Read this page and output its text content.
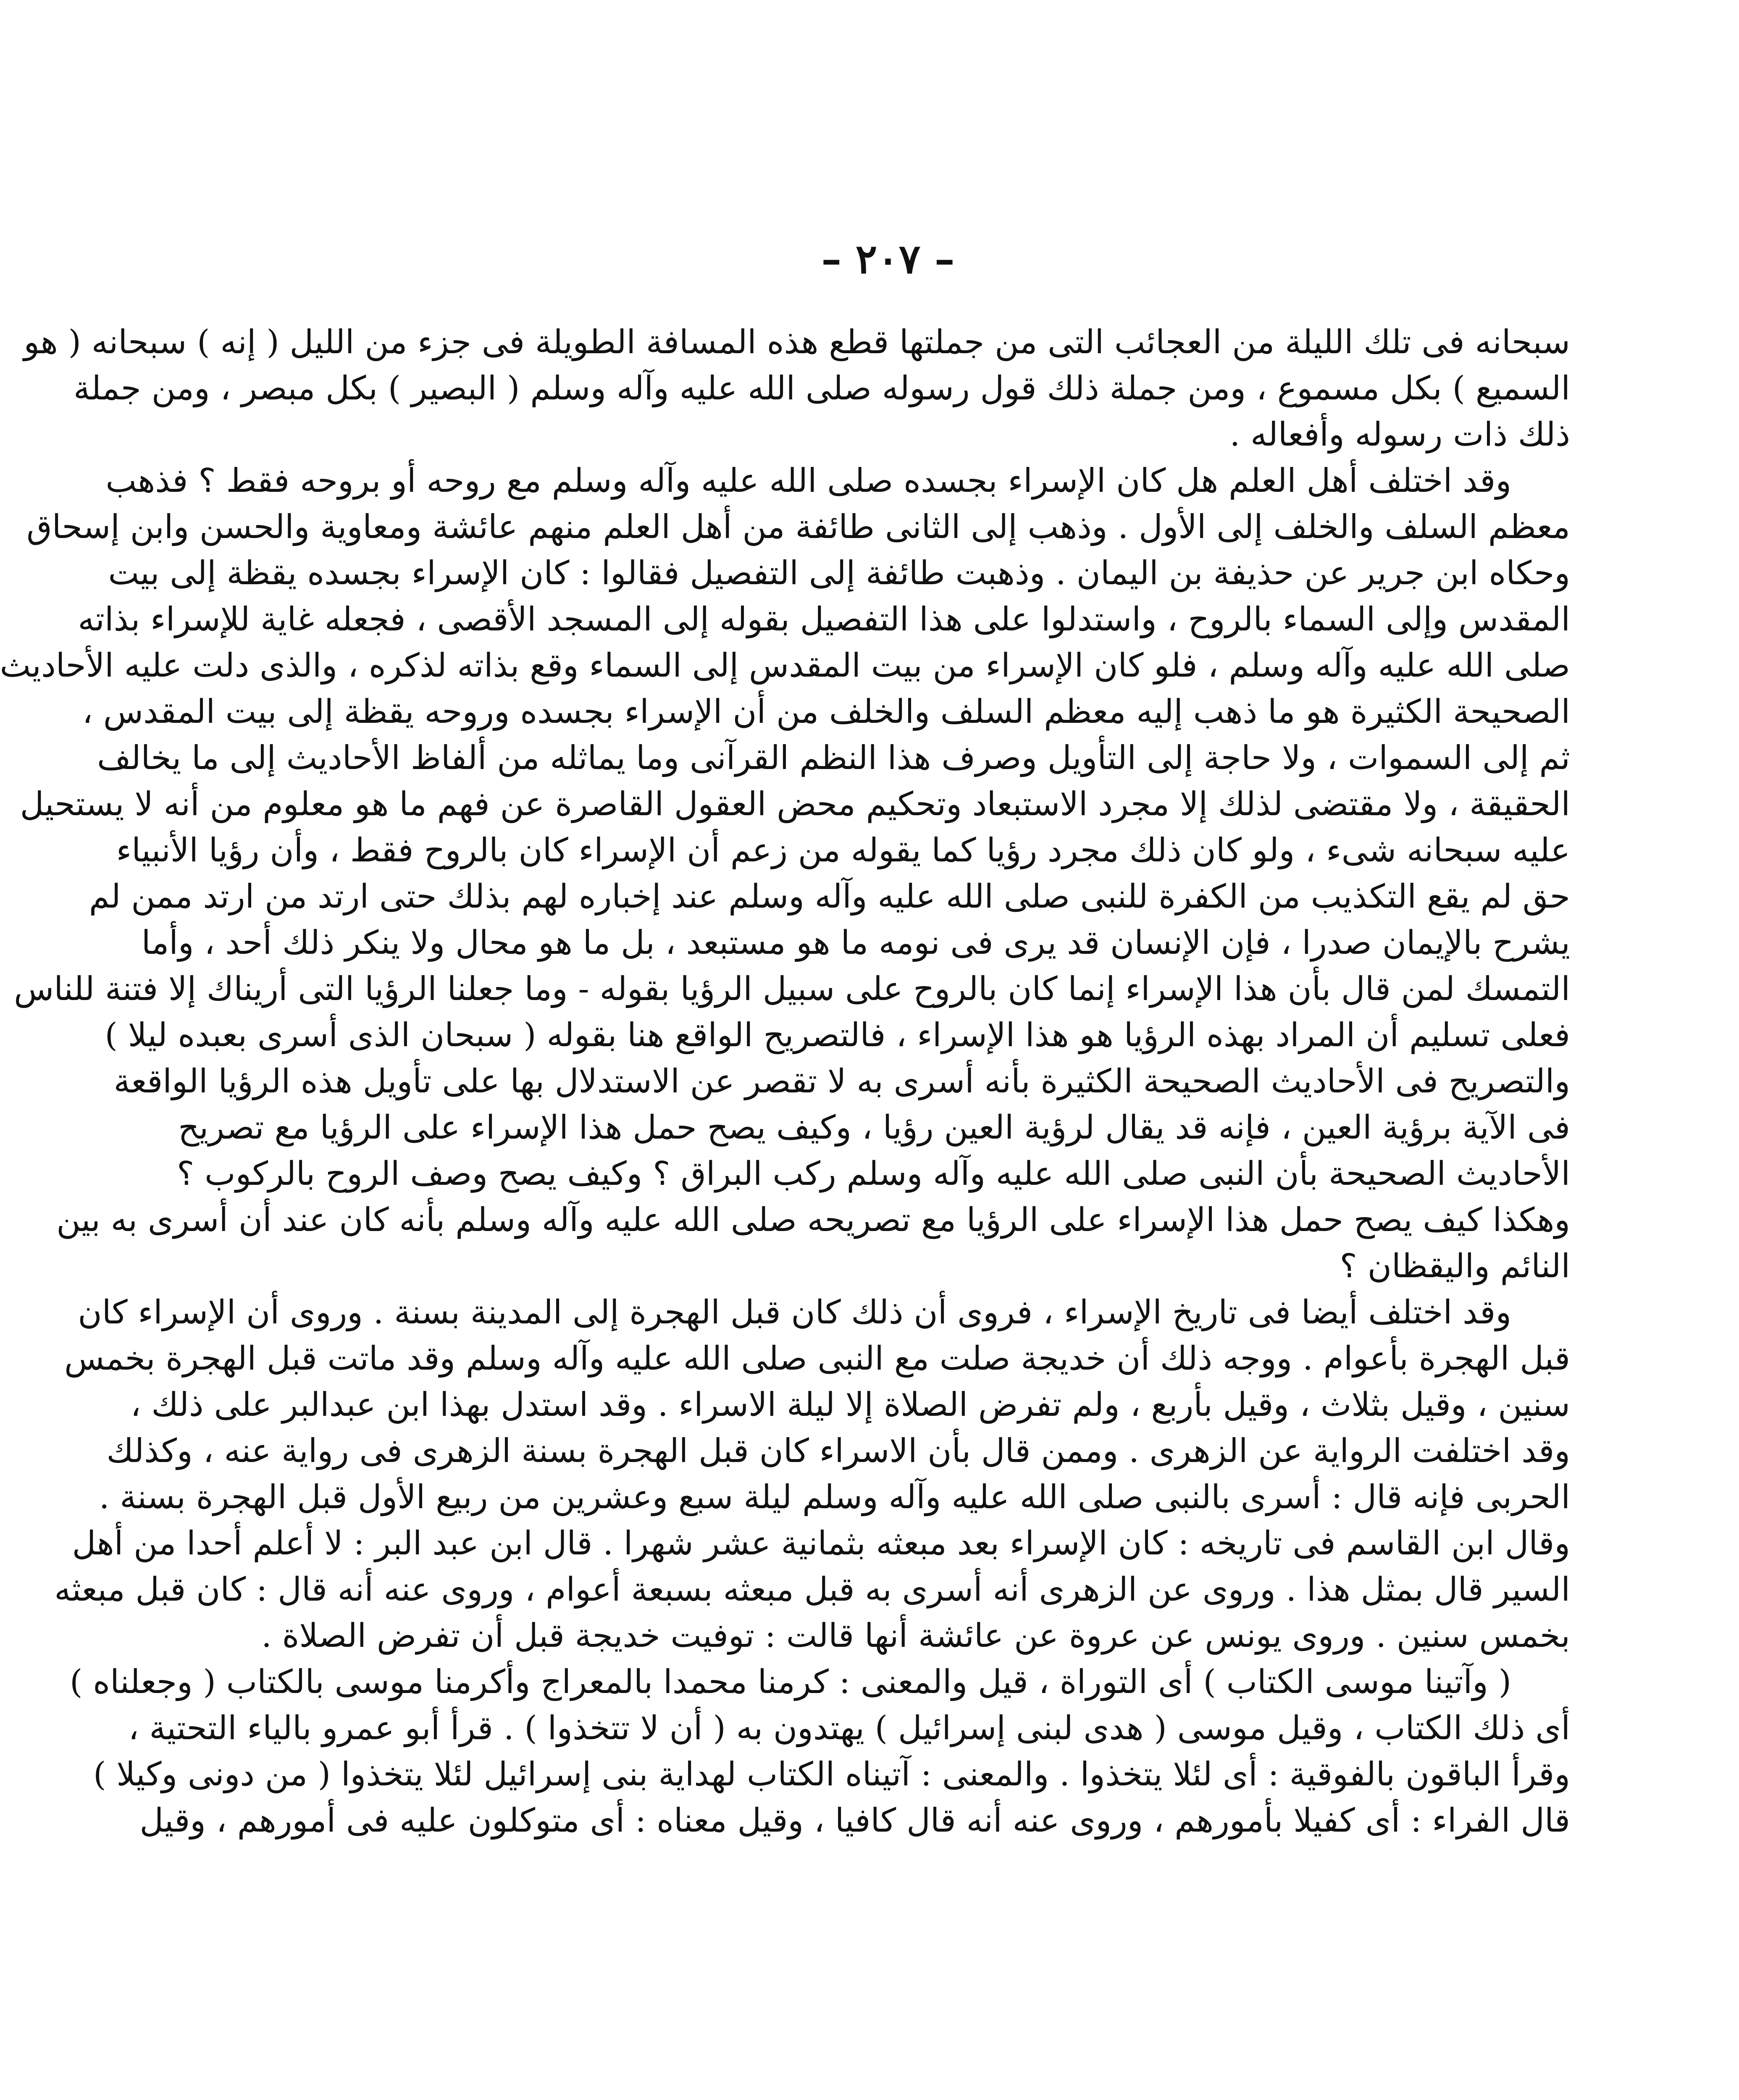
– ٢٠٧ –
سبحانه فى تلك الليلة من العجائب التى من جملتها قطع هذه المسافة الطويلة فى جزء من الليل ( إنه ) سبحانه ( هو
السميع ) بكل مسموع ، ومن جملة ذلك قول رسوله صلى الله عليه وآله وسلم ( البصير ) بكل مبصر ، ومن جملة
ذلك ذات رسوله وأفعاله .
وقد اختلف أهل العلم هل كان الإسراء بجسده صلى الله عليه وآله وسلم مع روحه أو بروحه فقط ؟ فذهب
معظم السلف والخلف إلى الأول . وذهب إلى الثانى طائفة من أهل العلم منهم عائشة ومعاوية والحسن وابن إسحاق
وحكاه ابن جرير عن حذيفة بن اليمان . وذهبت طائفة إلى التفصيل فقالوا : كان الإسراء بجسده يقظة إلى بيت
المقدس وإلى السماء بالروح ، واستدلوا على هذا التفصيل بقوله إلى المسجد الأقصى ، فجعله غاية للإسراء بذاته
صلى الله عليه وآله وسلم ، فلو كان الإسراء من بيت المقدس إلى السماء وقع بذاته لذكره ، والذى دلت عليه الأحاديث
الصحيحة الكثيرة هو ما ذهب إليه معظم السلف والخلف من أن الإسراء بجسده وروحه يقظة إلى بيت المقدس ،
ثم إلى السموات ، ولا حاجة إلى التأويل وصرف هذا النظم القرآنى وما يماثله من ألفاظ الأحاديث إلى ما يخالف
الحقيقة ، ولا مقتضى لذلك إلا مجرد الاستبعاد وتحكيم محض العقول القاصرة عن فهم ما هو معلوم من أنه لا يستحيل
عليه سبحانه شىء ، ولو كان ذلك مجرد رؤيا كما يقوله من زعم أن الإسراء كان بالروح فقط ، وأن رؤيا الأنبياء
حق لم يقع التكذيب من الكفرة للنبى صلى الله عليه وآله وسلم عند إخباره لهم بذلك حتى ارتد من ارتد ممن لم
يشرح بالإيمان صدرا ، فإن الإنسان قد يرى فى نومه ما هو مستبعد ، بل ما هو محال ولا ينكر ذلك أحد ، وأما
التمسك لمن قال بأن هذا الإسراء إنما كان بالروح على سبيل الرؤيا بقوله - وما جعلنا الرؤيا التى أريناك إلا فتنة للناس
فعلى تسليم أن المراد بهذه الرؤيا هو هذا الإسراء ، فالتصريح الواقع هنا بقوله ( سبحان الذى أسرى بعبده ليلا )
والتصريح فى الأحاديث الصحيحة الكثيرة بأنه أسرى به لا تقصر عن الاستدلال بها على تأويل هذه الرؤيا الواقعة
فى الآية برؤية العين ، فإنه قد يقال لرؤية العين رؤيا ، وكيف يصح حمل هذا الإسراء على الرؤيا مع تصريح
الأحاديث الصحيحة بأن النبى صلى الله عليه وآله وسلم ركب البراق ؟ وكيف يصح وصف الروح بالركوب ؟
وهكذا كيف يصح حمل هذا الإسراء على الرؤيا مع تصريحه صلى الله عليه وآله وسلم بأنه كان عند أن أسرى به بين
النائم واليقظان ؟
وقد اختلف أيضا فى تاريخ الإسراء ، فروى أن ذلك كان قبل الهجرة إلى المدينة بسنة . وروى أن الإسراء كان
قبل الهجرة بأعوام . ووجه ذلك أن خديجة صلت مع النبى صلى الله عليه وآله وسلم وقد ماتت قبل الهجرة بخمس
سنين ، وقيل بثلاث ، وقيل بأربع ، ولم تفرض الصلاة إلا ليلة الاسراء . وقد استدل بهذا ابن عبدالبر على ذلك ،
وقد اختلفت الرواية عن الزهرى . وممن قال بأن الاسراء كان قبل الهجرة بسنة الزهرى فى رواية عنه ، وكذلك
الحربى فإنه قال : أسرى بالنبى صلى الله عليه وآله وسلم ليلة سبع وعشرين من ربيع الأول قبل الهجرة بسنة .
وقال ابن القاسم فى تاريخه : كان الإسراء بعد مبعثه بثمانية عشر شهرا . قال ابن عبد البر : لا أعلم أحدا من أهل
السير قال بمثل هذا . وروى عن الزهرى أنه أسرى به قبل مبعثه بسبعة أعوام ، وروى عنه أنه قال : كان قبل مبعثه
بخمس سنين . وروى يونس عن عروة عن عائشة أنها قالت : توفيت خديجة قبل أن تفرض الصلاة .
( وآتينا موسى الكتاب ) أى التوراة ، قيل والمعنى : كرمنا محمدا بالمعراج وأكرمنا موسى بالكتاب ( وجعلناه )
أى ذلك الكتاب ، وقيل موسى ( هدى لبنى إسرائيل ) يهتدون به ( أن لا تتخذوا ) . قرأ أبو عمرو بالياء التحتية ،
وقرأ الباقون بالفوقية : أى لئلا يتخذوا . والمعنى : آتيناه الكتاب لهداية بنى إسرائيل لئلا يتخذوا ( من دونى وكيلا )
قال الفراء : أى كفيلا بأمورهم ، وروى عنه أنه قال كافيا ، وقيل معناه : أى متوكلون عليه فى أمورهم ، وقيل
